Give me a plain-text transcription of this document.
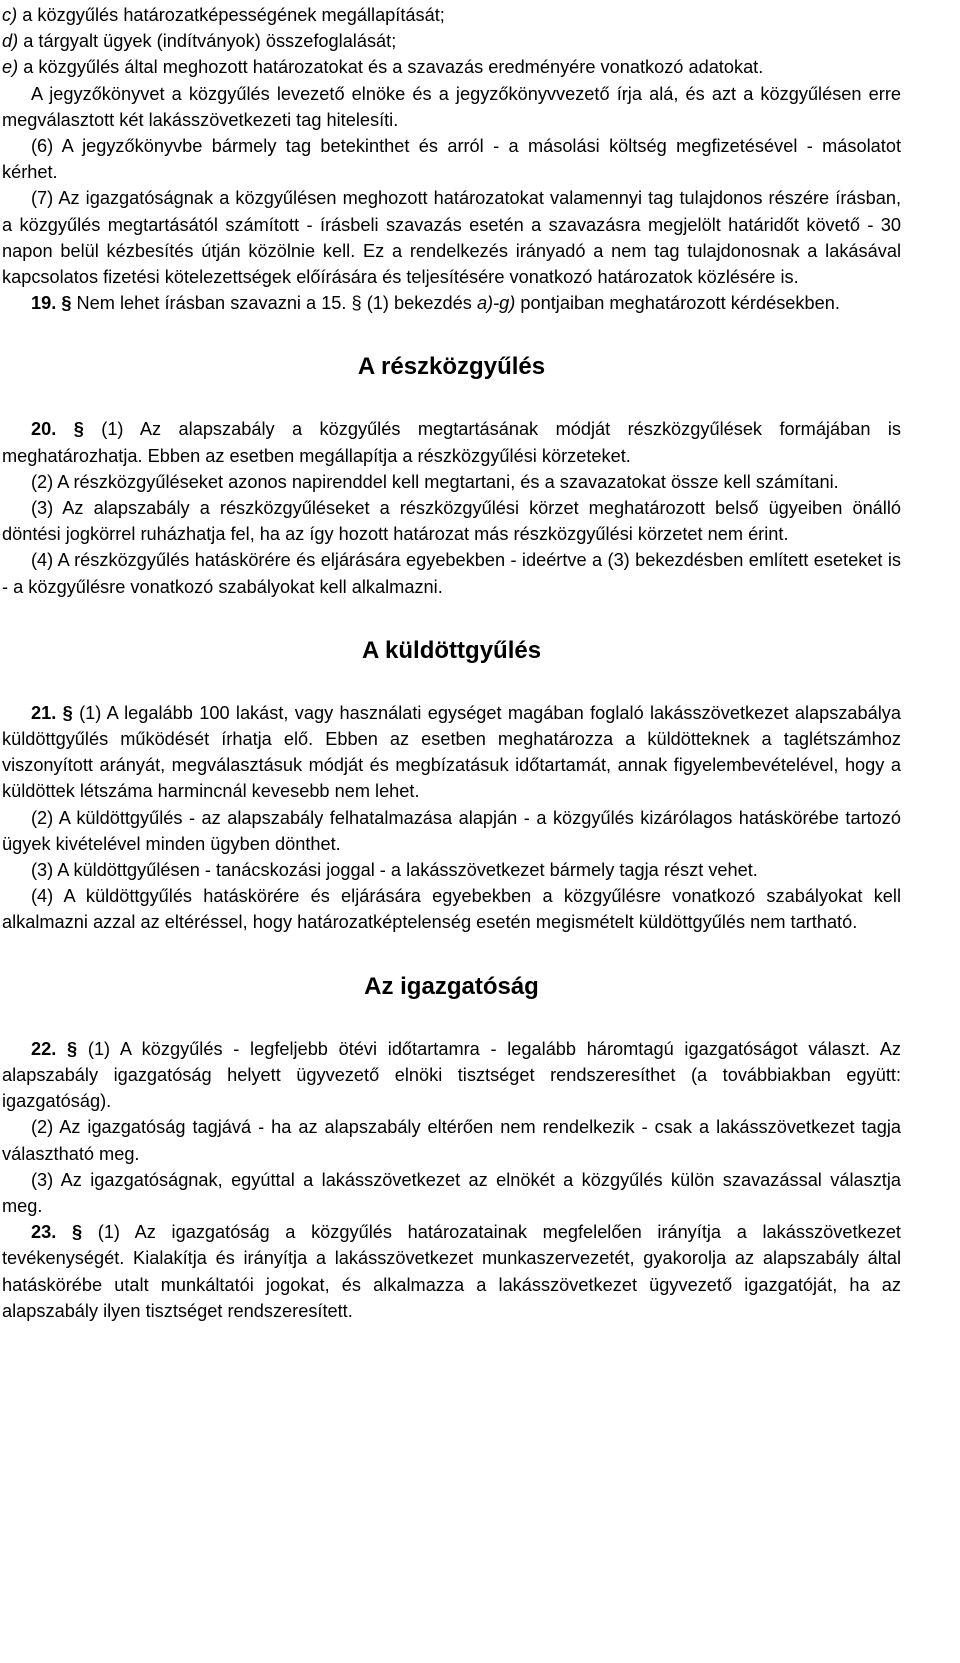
c) a közgyűlés határozatképességének megállapítását;

d) a tárgyalt ügyek (indítványok) összefoglalását;

e) a közgyűlés által meghozott határozatokat és a szavazás eredményére vonatkozó adatokat.

A jegyzőkönyvet a közgyűlés levezető elnöke és a jegyzőkönyvvezető írja alá, és azt a közgyűlésen erre megválasztott két lakásszövetkezeti tag hitelesíti.

(6) A jegyzőkönyvbe bármely tag betekinthet és arról - a másolási költség megfizetésével - másolatot kérhet.

(7) Az igazgatóságnak a közgyűlésen meghozott határozatokat valamennyi tag tulajdonos részére írásban, a közgyűlés megtartásától számított - írásbeli szavazás esetén a szavazásra megjelölt határidőt követő - 30 napon belül kézbesítés útján közölnie kell. Ez a rendelkezés irányadó a nem tag tulajdonosnak a lakásával kapcsolatos fizetési kötelezettségek előírására és teljesítésére vonatkozó határozatok közlésére is.

19. § Nem lehet írásban szavazni a 15. § (1) bekezdés a)-g) pontjaiban meghatározott kérdésekben.

A részközgyűlés

20. § (1) Az alapszabály a közgyűlés megtartásának módját részközgyűlések formájában is meghatározhatja. Ebben az esetben megállapítja a részközgyűlési körzeteket.

(2) A részközgyűléseket azonos napirenddel kell megtartani, és a szavazatokat össze kell számítani.

(3) Az alapszabály a részközgyűléseket a részközgyűlési körzet meghatározott belső ügyeiben önálló döntési jogkörrel ruházhatja fel, ha az így hozott határozat más részközgyűlési körzetet nem érint.

(4) A részközgyűlés hatáskörére és eljárására egyebekben - ideértve a (3) bekezdésben említett eseteket is - a közgyűlésre vonatkozó szabályokat kell alkalmazni.

A küldöttgyűlés

21. § (1) A legalább 100 lakást, vagy használati egységet magában foglaló lakásszövetkezet alapszabálya küldöttgyűlés működését írhatja elő. Ebben az esetben meghatározza a küldötteknek a taglétszámhoz viszonyított arányát, megválasztásuk módját és megbízatásuk időtartamát, annak figyelembevételével, hogy a küldöttek létszáma harmincnál kevesebb nem lehet.

(2) A küldöttgyűlés - az alapszabály felhatalmazása alapján - a közgyűlés kizárólagos hatáskörébe tartozó ügyek kivételével minden ügyben dönthet.

(3) A küldöttgyűlésen - tanácskozási joggal - a lakásszövetkezet bármely tagja részt vehet.

(4) A küldöttgyűlés hatáskörére és eljárására egyebekben a közgyűlésre vonatkozó szabályokat kell alkalmazni azzal az eltéréssel, hogy határozatképtelenség esetén megismételt küldöttgyűlés nem tartható.

Az igazgatóság

22. § (1) A közgyűlés - legfeljebb ötévi időtartamra - legalább háromtagú igazgatóságot választ. Az alapszabály igazgatóság helyett ügyvezető elnöki tisztséget rendszeresíthet (a továbbiakban együtt: igazgatóság).

(2) Az igazgatóság tagjává - ha az alapszabály eltérően nem rendelkezik - csak a lakásszövetkezet tagja választható meg.

(3) Az igazgatóságnak, egyúttal a lakásszövetkezet az elnökét a közgyűlés külön szavazással választja meg.

23. § (1) Az igazgatóság a közgyűlés határozatainak megfelelően irányítja a lakásszövetkezet tevékenységét. Kialakítja és irányítja a lakásszövetkezet munkaszervezetét, gyakorolja az alapszabály által hatáskörébe utalt munkáltatói jogokat, és alkalmazza a lakásszövetkezet ügyvezető igazgatóját, ha az alapszabály ilyen tisztséget rendszeresített.
